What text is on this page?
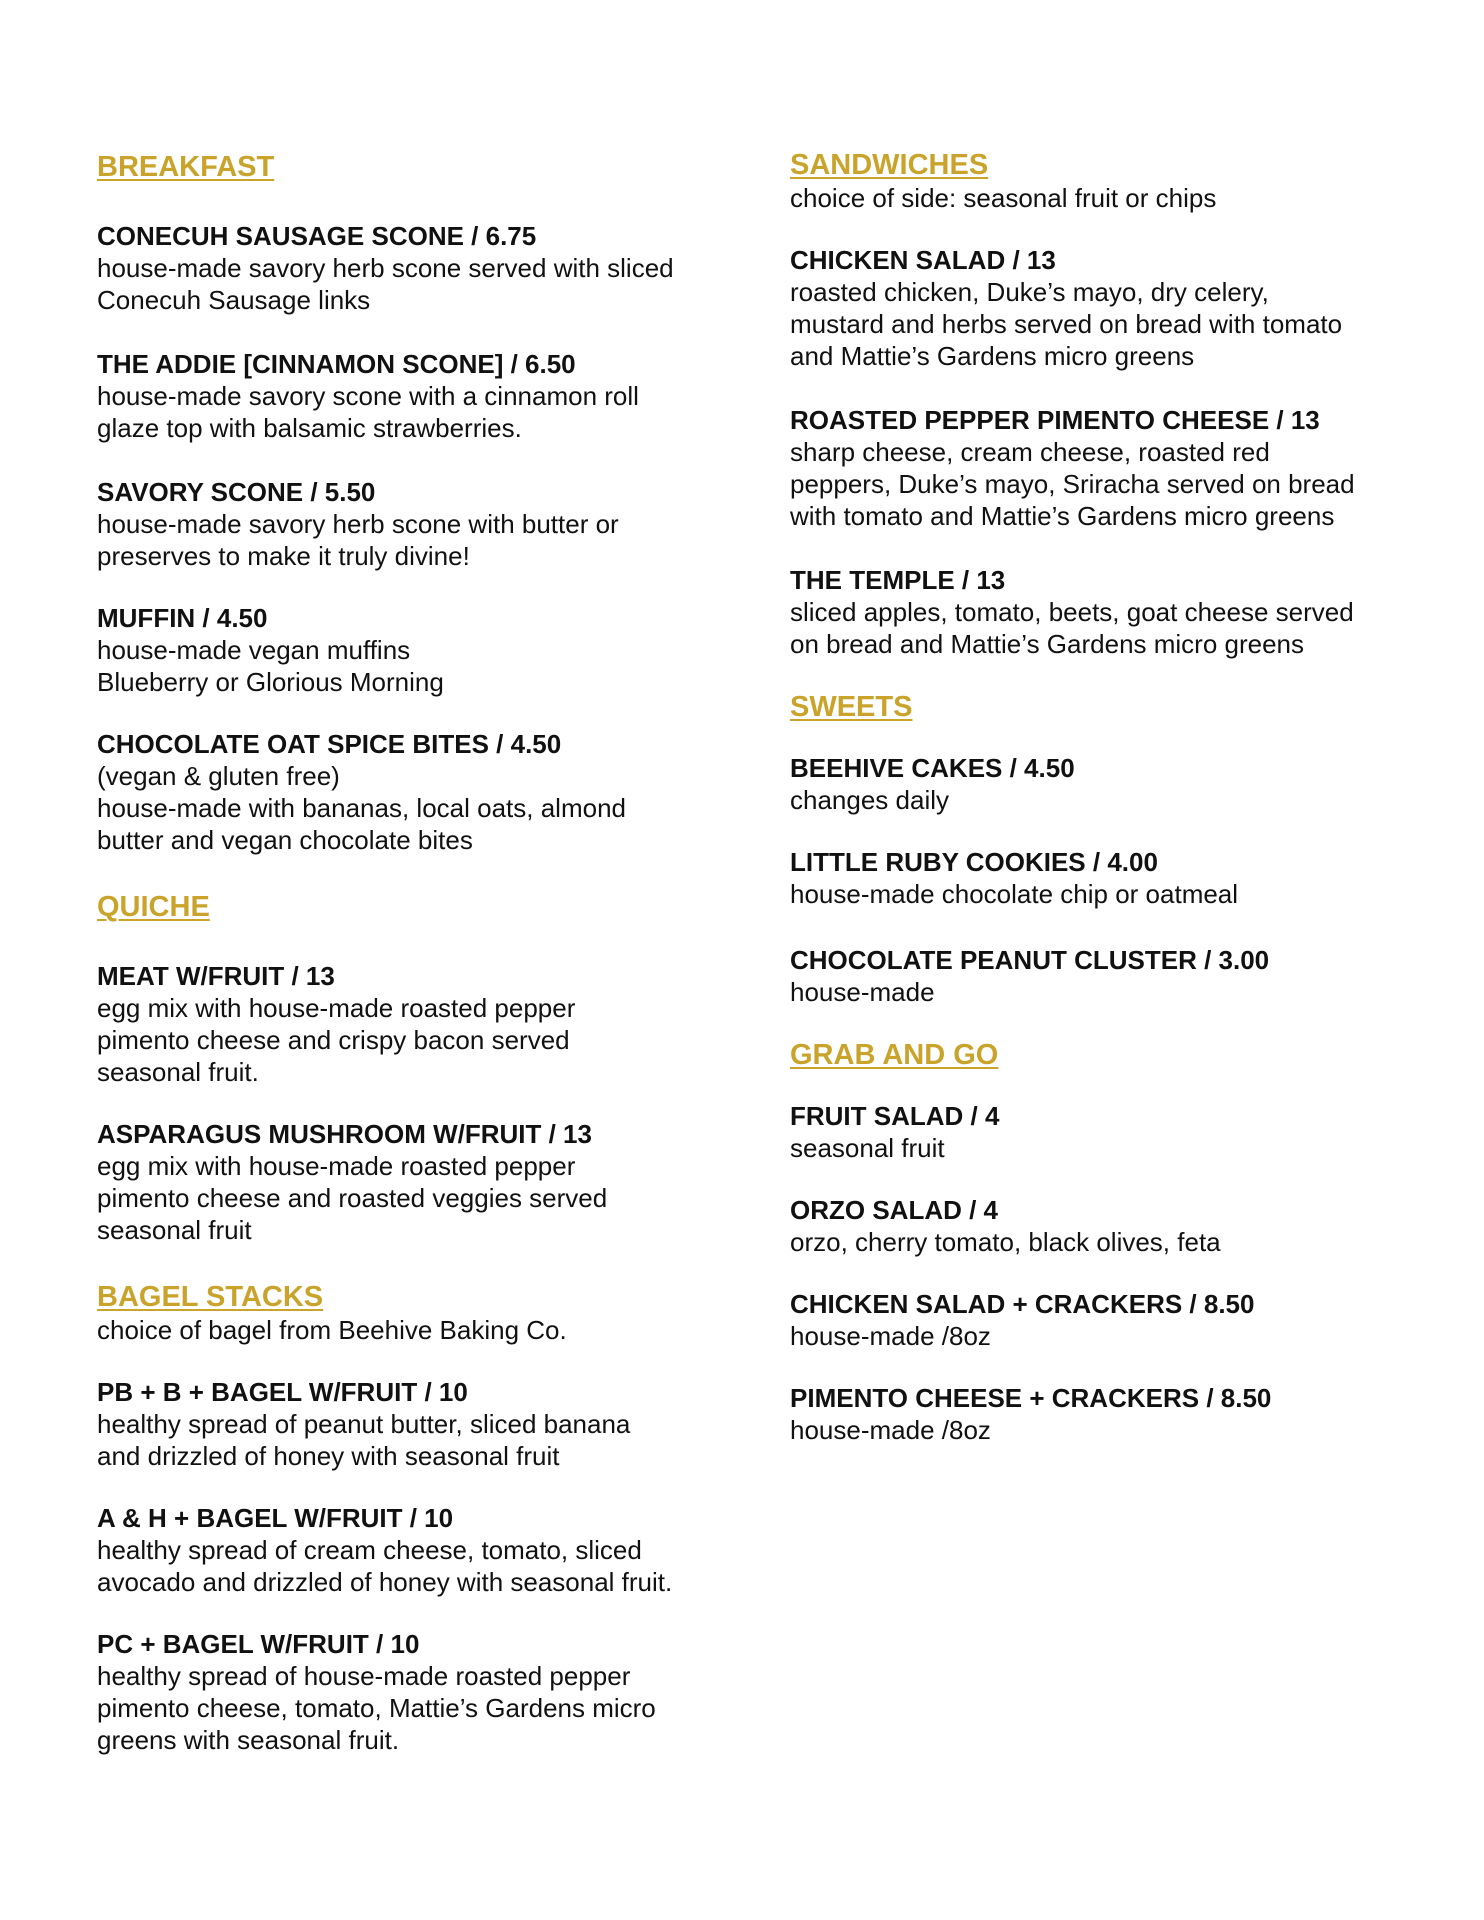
BREAKFAST
CONECUH SAUSAGE SCONE / 6.75
house-made savory herb scone served with sliced
Conecuh Sausage links
THE ADDIE [CINNAMON SCONE] / 6.50
house-made savory scone with a cinnamon roll
glaze top with balsamic strawberries.
SAVORY SCONE / 5.50
house-made savory herb scone with butter or
preserves to make it truly divine!
MUFFIN / 4.50
house-made vegan muffins
Blueberry or Glorious Morning
CHOCOLATE OAT SPICE BITES / 4.50
(vegan & gluten free)
house-made with bananas, local oats, almond
butter and vegan chocolate bites
QUICHE
MEAT W/FRUIT / 13
egg mix with house-made roasted pepper
pimento cheese and crispy bacon served
seasonal fruit.
ASPARAGUS MUSHROOM W/FRUIT / 13
egg mix with house-made roasted pepper
pimento cheese and roasted veggies served
seasonal fruit
BAGEL STACKS
choice of bagel from Beehive Baking Co.
PB + B + BAGEL W/FRUIT / 10
healthy spread of peanut butter, sliced banana
and drizzled of honey with seasonal fruit
A & H + BAGEL W/FRUIT / 10
healthy spread of cream cheese, tomato, sliced
avocado and drizzled of honey with seasonal fruit.
PC + BAGEL W/FRUIT / 10
healthy spread of house-made roasted pepper
pimento cheese, tomato, Mattie’s Gardens micro
greens with seasonal fruit.
SANDWICHES
choice of side: seasonal fruit or chips
CHICKEN SALAD / 13
roasted chicken, Duke’s mayo, dry celery,
mustard and herbs served on bread with tomato
and Mattie’s Gardens micro greens
ROASTED PEPPER PIMENTO CHEESE / 13
sharp cheese, cream cheese, roasted red
peppers, Duke’s mayo, Sriracha served on bread
with tomato and Mattie’s Gardens micro greens
THE TEMPLE / 13
sliced apples, tomato, beets, goat cheese served
on bread and Mattie’s Gardens micro greens
SWEETS
BEEHIVE CAKES / 4.50
changes daily
LITTLE RUBY COOKIES / 4.00
house-made chocolate chip or oatmeal
CHOCOLATE PEANUT CLUSTER / 3.00
house-made
GRAB AND GO
FRUIT SALAD / 4
seasonal fruit
ORZO SALAD / 4
orzo, cherry tomato, black olives, feta
CHICKEN SALAD + CRACKERS / 8.50
house-made /8oz
PIMENTO CHEESE + CRACKERS / 8.50
house-made /8oz
